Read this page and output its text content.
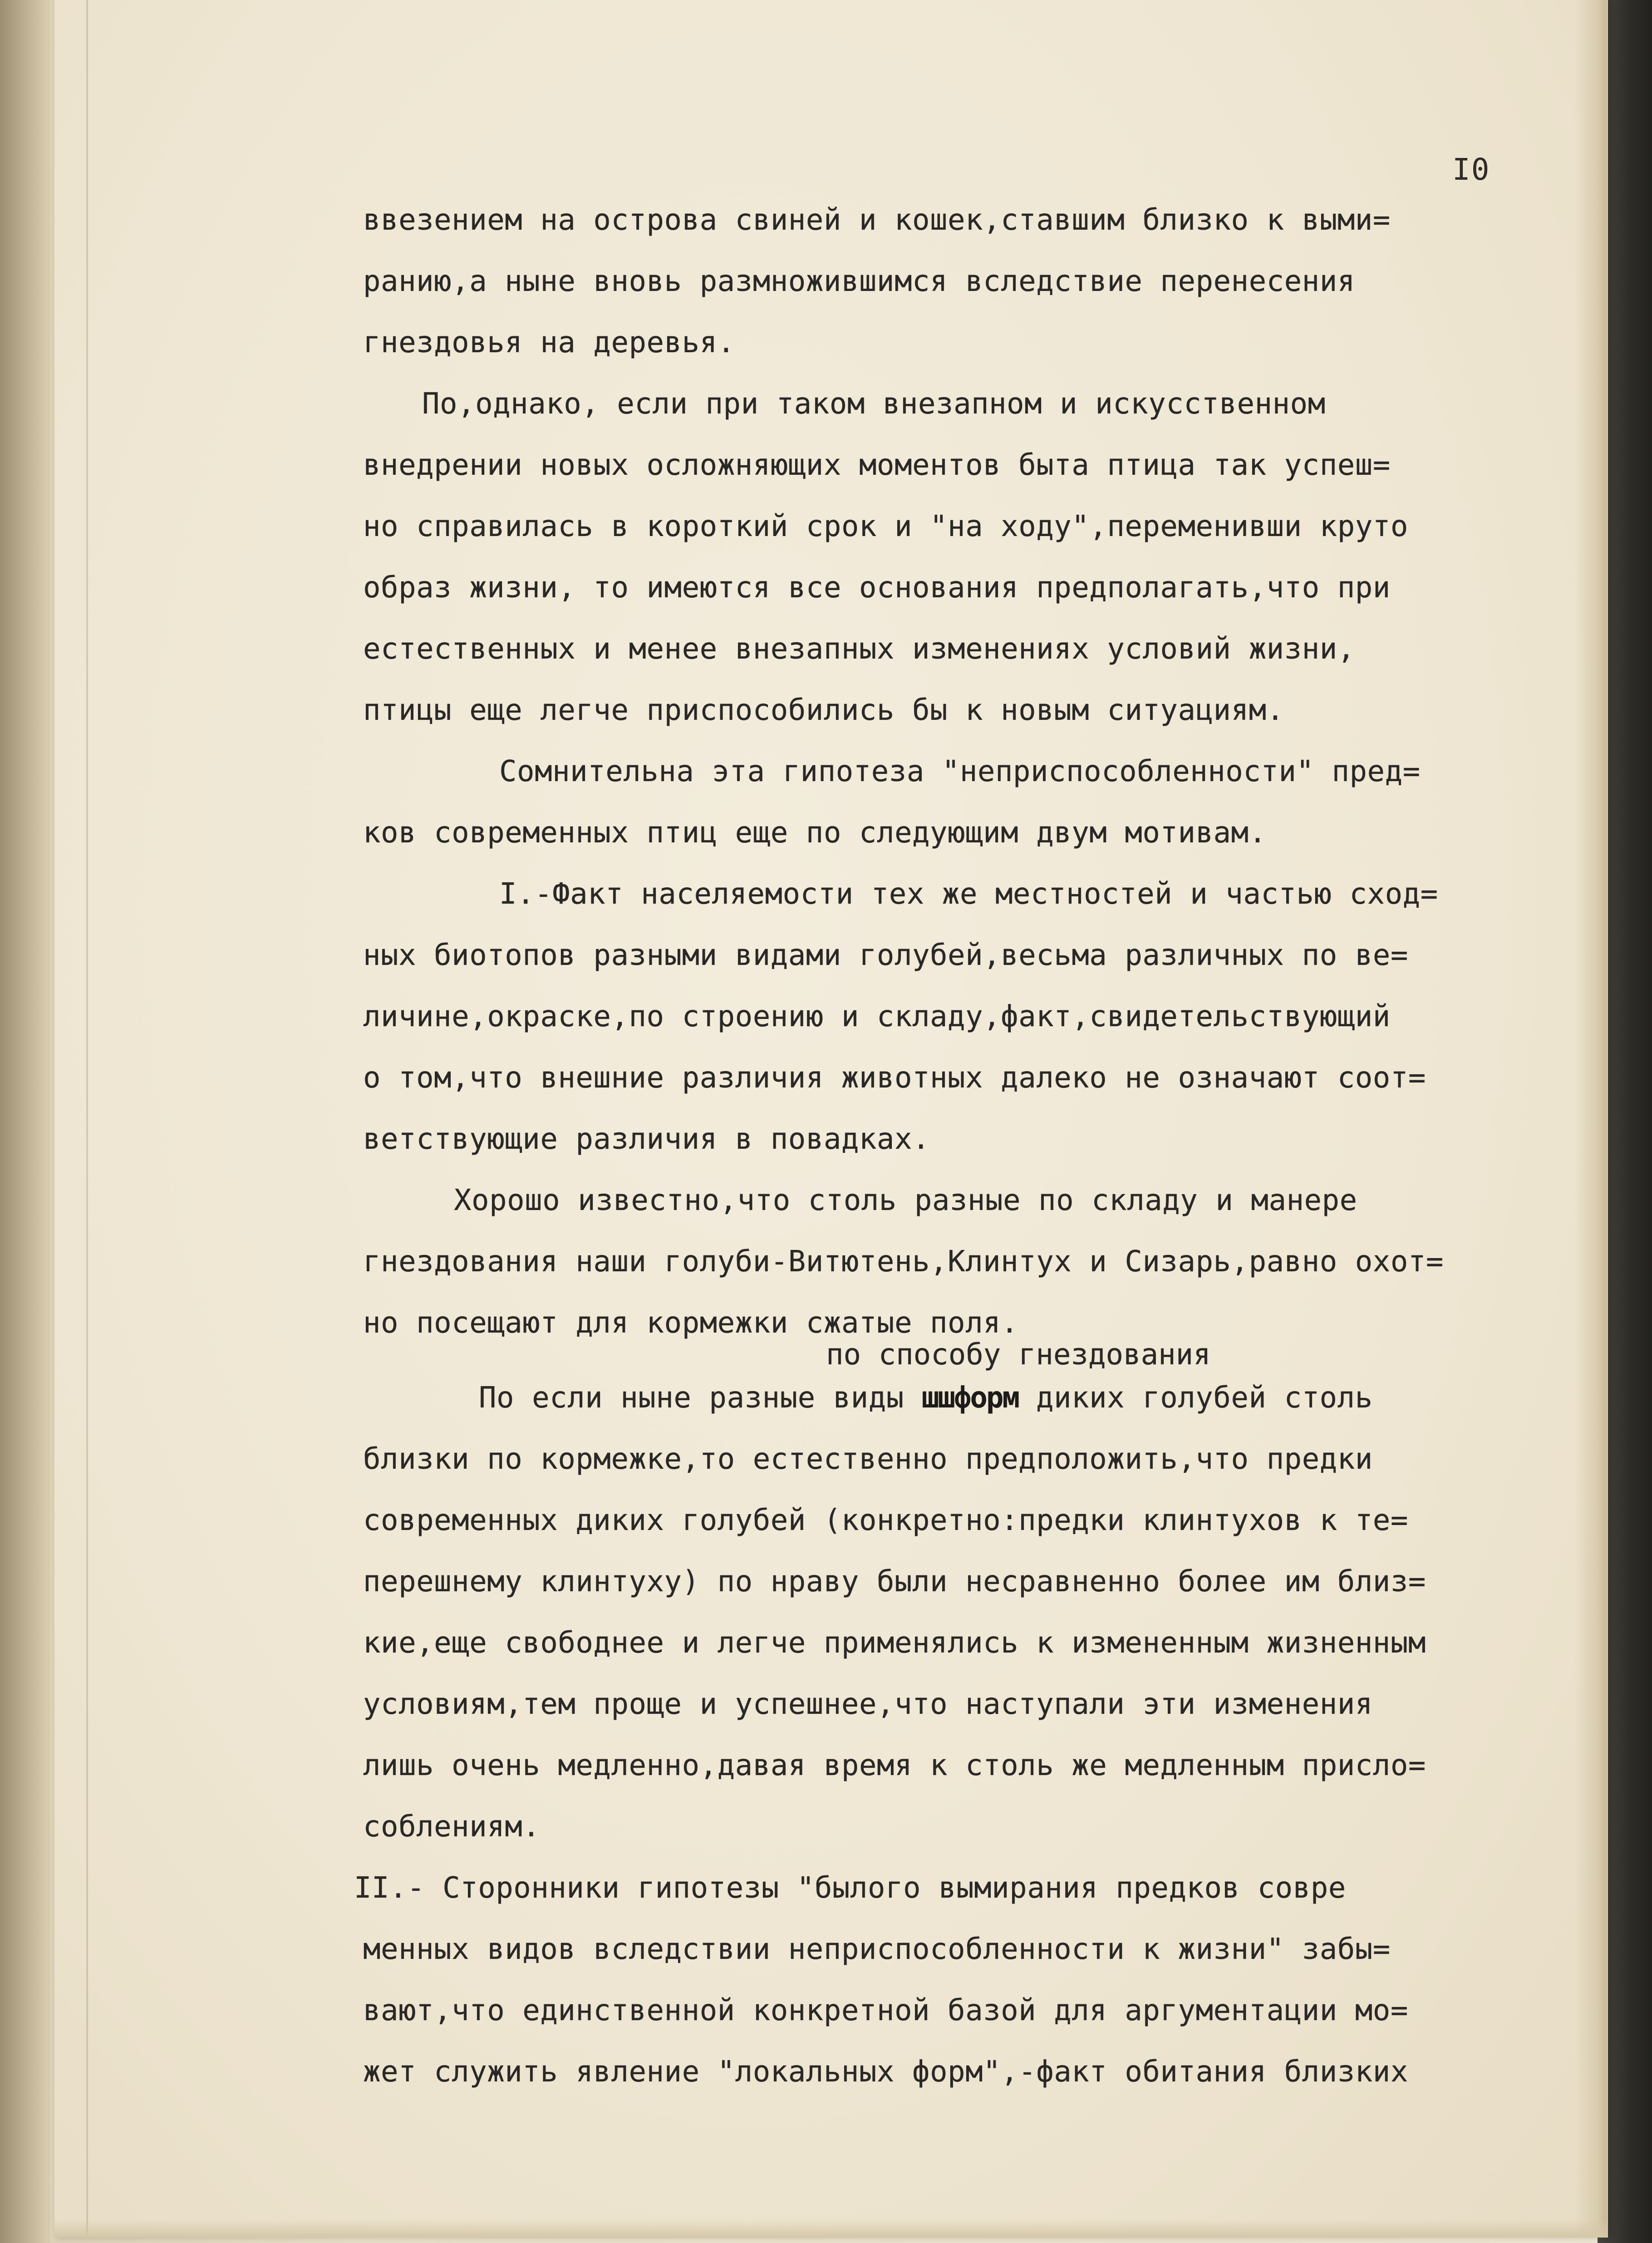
I0
ввезением на острова свиней и кошек,ставшим близко к выми=
ранию,а ныне вновь размножившимся вследствие перенесения
гнездовья на деревья.
По,однако, если при таком внезапном и искусственном
внедрении новых осложняющих моментов быта птица так успеш=
но справилась в короткий срок и "на ходу",переменивши круто
образ жизни, то имеются все основания предполагать,что при
естественных и менее внезапных изменениях условий жизни,
птицы еще легче приспособились бы к новым ситуациям.
Сомнительна эта гипотеза "неприспособленности" пред=
ков современных птиц еще по следующим двум мотивам.
I.-Факт населяемости тех же местностей и частью сход=
ных биотопов разными видами голубей,весьма различных по ве=
личине,окраске,по строению и складу,факт,свидетельствующий
о том,что внешние различия животных далеко не означают соот=
ветствующие различия в повадках.
Хорошо известно,что столь разные по складу и манере
гнездования наши голуби-Витютень,Клинтух и Сизарь,равно охот=
но посещают для кормежки сжатые поля.
по способу гнездования
По если ныне разные виды шшформ диких голубей столь
близки по кормежке,то естественно предположить,что предки
современных диких голубей (конкретно:предки клинтухов к те=
перешнему клинтуху) по нраву были несравненно более им близ=
кие,еще свободнее и легче применялись к измененным жизненным
условиям,тем проще и успешнее,что наступали эти изменения
лишь очень медленно,давая время к столь же медленным присло=
соблениям.
II.- Сторонники гипотезы "былого вымирания предков совре
менных видов вследствии неприспособленности к жизни" забы=
вают,что единственной конкретной базой для аргументации мо=
жет служить явление "локальных форм",-факт обитания близких
